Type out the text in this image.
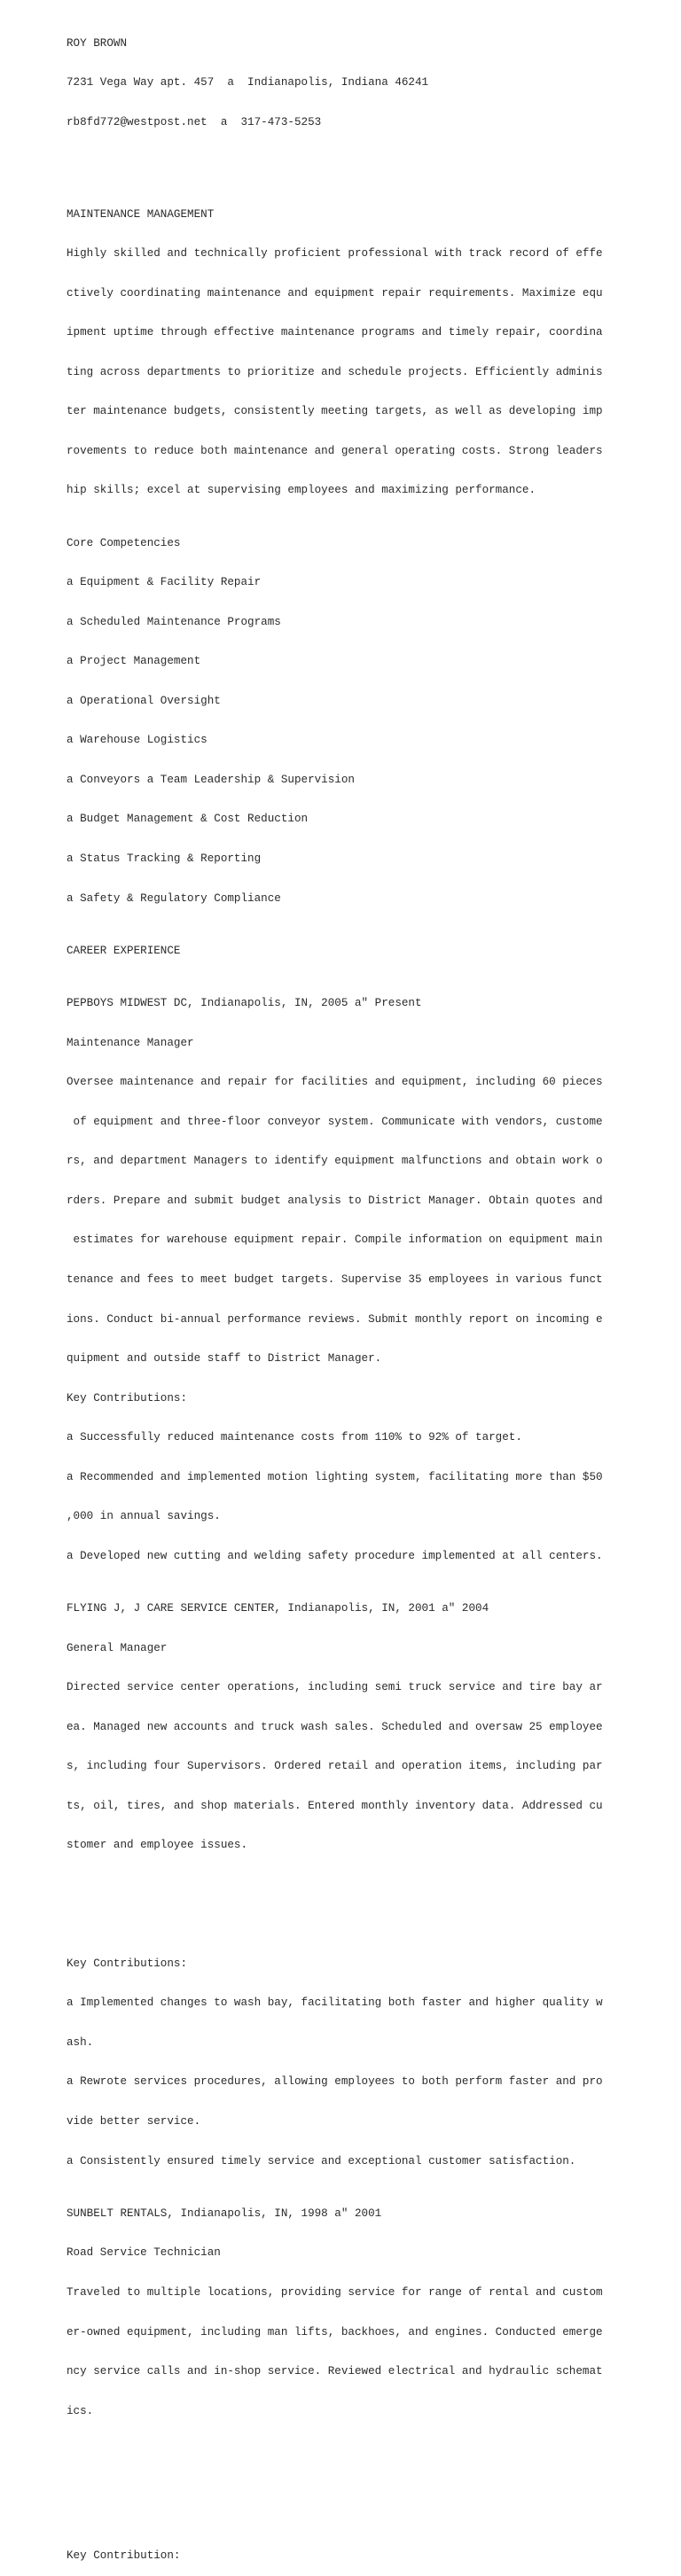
ROY BROWN

7231 Vega Way apt. 457  a  Indianapolis, Indiana 46241

rb8fd772@westpost.net  a  317-473-5253

MAINTENANCE MANAGEMENT

Highly skilled and technically proficient professional with track record of effe

ctively coordinating maintenance and equipment repair requirements. Maximize equ

ipment uptime through effective maintenance programs and timely repair, coordina

ting across departments to prioritize and schedule projects. Efficiently adminis

ter maintenance budgets, consistently meeting targets, as well as developing imp

rovements to reduce both maintenance and general operating costs. Strong leaders

hip skills; excel at supervising employees and maximizing performance.

Core Competencies

a Equipment & Facility Repair

a Scheduled Maintenance Programs

a Project Management

a Operational Oversight

a Warehouse Logistics

a Conveyors a Team Leadership & Supervision

a Budget Management & Cost Reduction

a Status Tracking & Reporting

a Safety & Regulatory Compliance

CAREER EXPERIENCE

PEPBOYS MIDWEST DC, Indianapolis, IN, 2005 a" Present

Maintenance Manager

Oversee maintenance and repair for facilities and equipment, including 60 pieces

of equipment and three-floor conveyor system. Communicate with vendors, custome

rs, and department Managers to identify equipment malfunctions and obtain work o

rders. Prepare and submit budget analysis to District Manager. Obtain quotes and

estimates for warehouse equipment repair. Compile information on equipment main

tenance and fees to meet budget targets. Supervise 35 employees in various funct

ions. Conduct bi-annual performance reviews. Submit monthly report on incoming e

quipment and outside staff to District Manager.

Key Contributions:

a Successfully reduced maintenance costs from 110% to 92% of target.

a Recommended and implemented motion lighting system, facilitating more than $50

,000 in annual savings.

a Developed new cutting and welding safety procedure implemented at all centers.

FLYING J, J CARE SERVICE CENTER, Indianapolis, IN, 2001 a" 2004

General Manager

Directed service center operations, including semi truck service and tire bay ar

ea. Managed new accounts and truck wash sales. Scheduled and oversaw 25 employee

s, including four Supervisors. Ordered retail and operation items, including par

ts, oil, tires, and shop materials. Entered monthly inventory data. Addressed cu

stomer and employee issues.

Key Contributions:

a Implemented changes to wash bay, facilitating both faster and higher quality w

ash.

a Rewrote services procedures, allowing employees to both perform faster and pro

vide better service.

a Consistently ensured timely service and exceptional customer satisfaction.

SUNBELT RENTALS, Indianapolis, IN, 1998 a" 2001

Road Service Technician

Traveled to multiple locations, providing service for range of rental and custom

er-owned equipment, including man lifts, backhoes, and engines. Conducted emerge

ncy service calls and in-shop service. Reviewed electrical and hydraulic schemat

ics.

Key Contribution:
